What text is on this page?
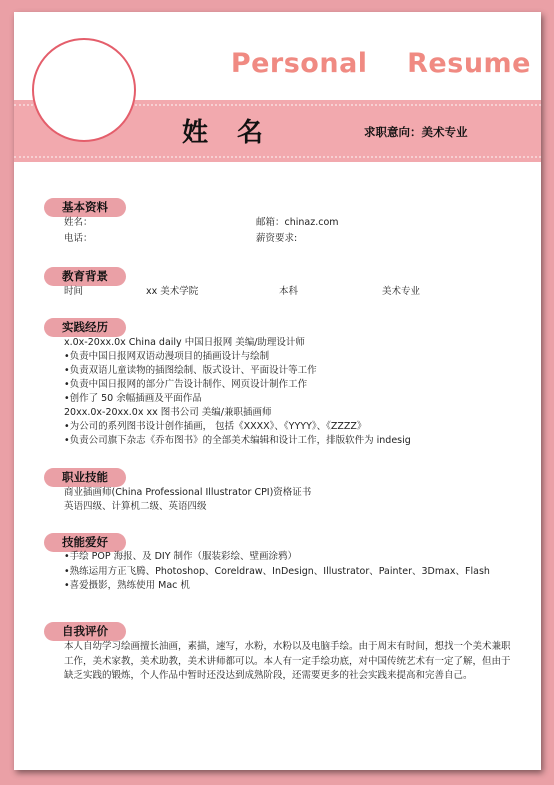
Personal    Resume
姓 名	求职意向：美术专业
基本资料
姓名：	邮箱：chinaz.com
电话：	薪资要求:
教育背景
时间	xx 美术学院	本科	美术专业
实践经历
x.0x-20xx.0x China daily 中国日报网 美编/助理设计师
•负责中国日报网双语动漫项目的插画设计与绘制
•负责双语儿童读物的插图绘制、版式设计、平面设计等工作
•负责中国日报网的部分广告设计制作、网页设计制作工作
•创作了 50 余幅插画及平面作品
20xx.0x-20xx.0x xx 图书公司 美编/兼职插画师
•为公司的系列图书设计创作插画， 包括《XXXX》、《YYYY》、《ZZZZ》
•负责公司旗下杂志《乔布图书》的全部美术编辑和设计工作，排版软件为 indesig
职业技能
商业插画师(China Professional Illustrator CPI)资格证书
英语四级、计算机二级、英语四级
技能爱好
•手绘 POP 海报、及 DIY 制作（服装彩绘、壁画涂鸦）
•熟练运用方正飞腾、Photoshop、Coreldraw、InDesign、Illustrator、Painter、3Dmax、Flash
•喜爱摄影，熟练使用 Mac 机
自我评价
本人自幼学习绘画擅长油画，素描，速写，水粉，水粉以及电脑手绘。由于周末有时间，想找一个美术兼职工作，美术家教，美术助教，美术讲师都可以。本人有一定手绘功底，对中国传统艺术有一定了解，但由于缺乏实践的锻炼，个人作品中暂时还没达到成熟阶段，还需要更多的社会实践来提高和完善自己。
